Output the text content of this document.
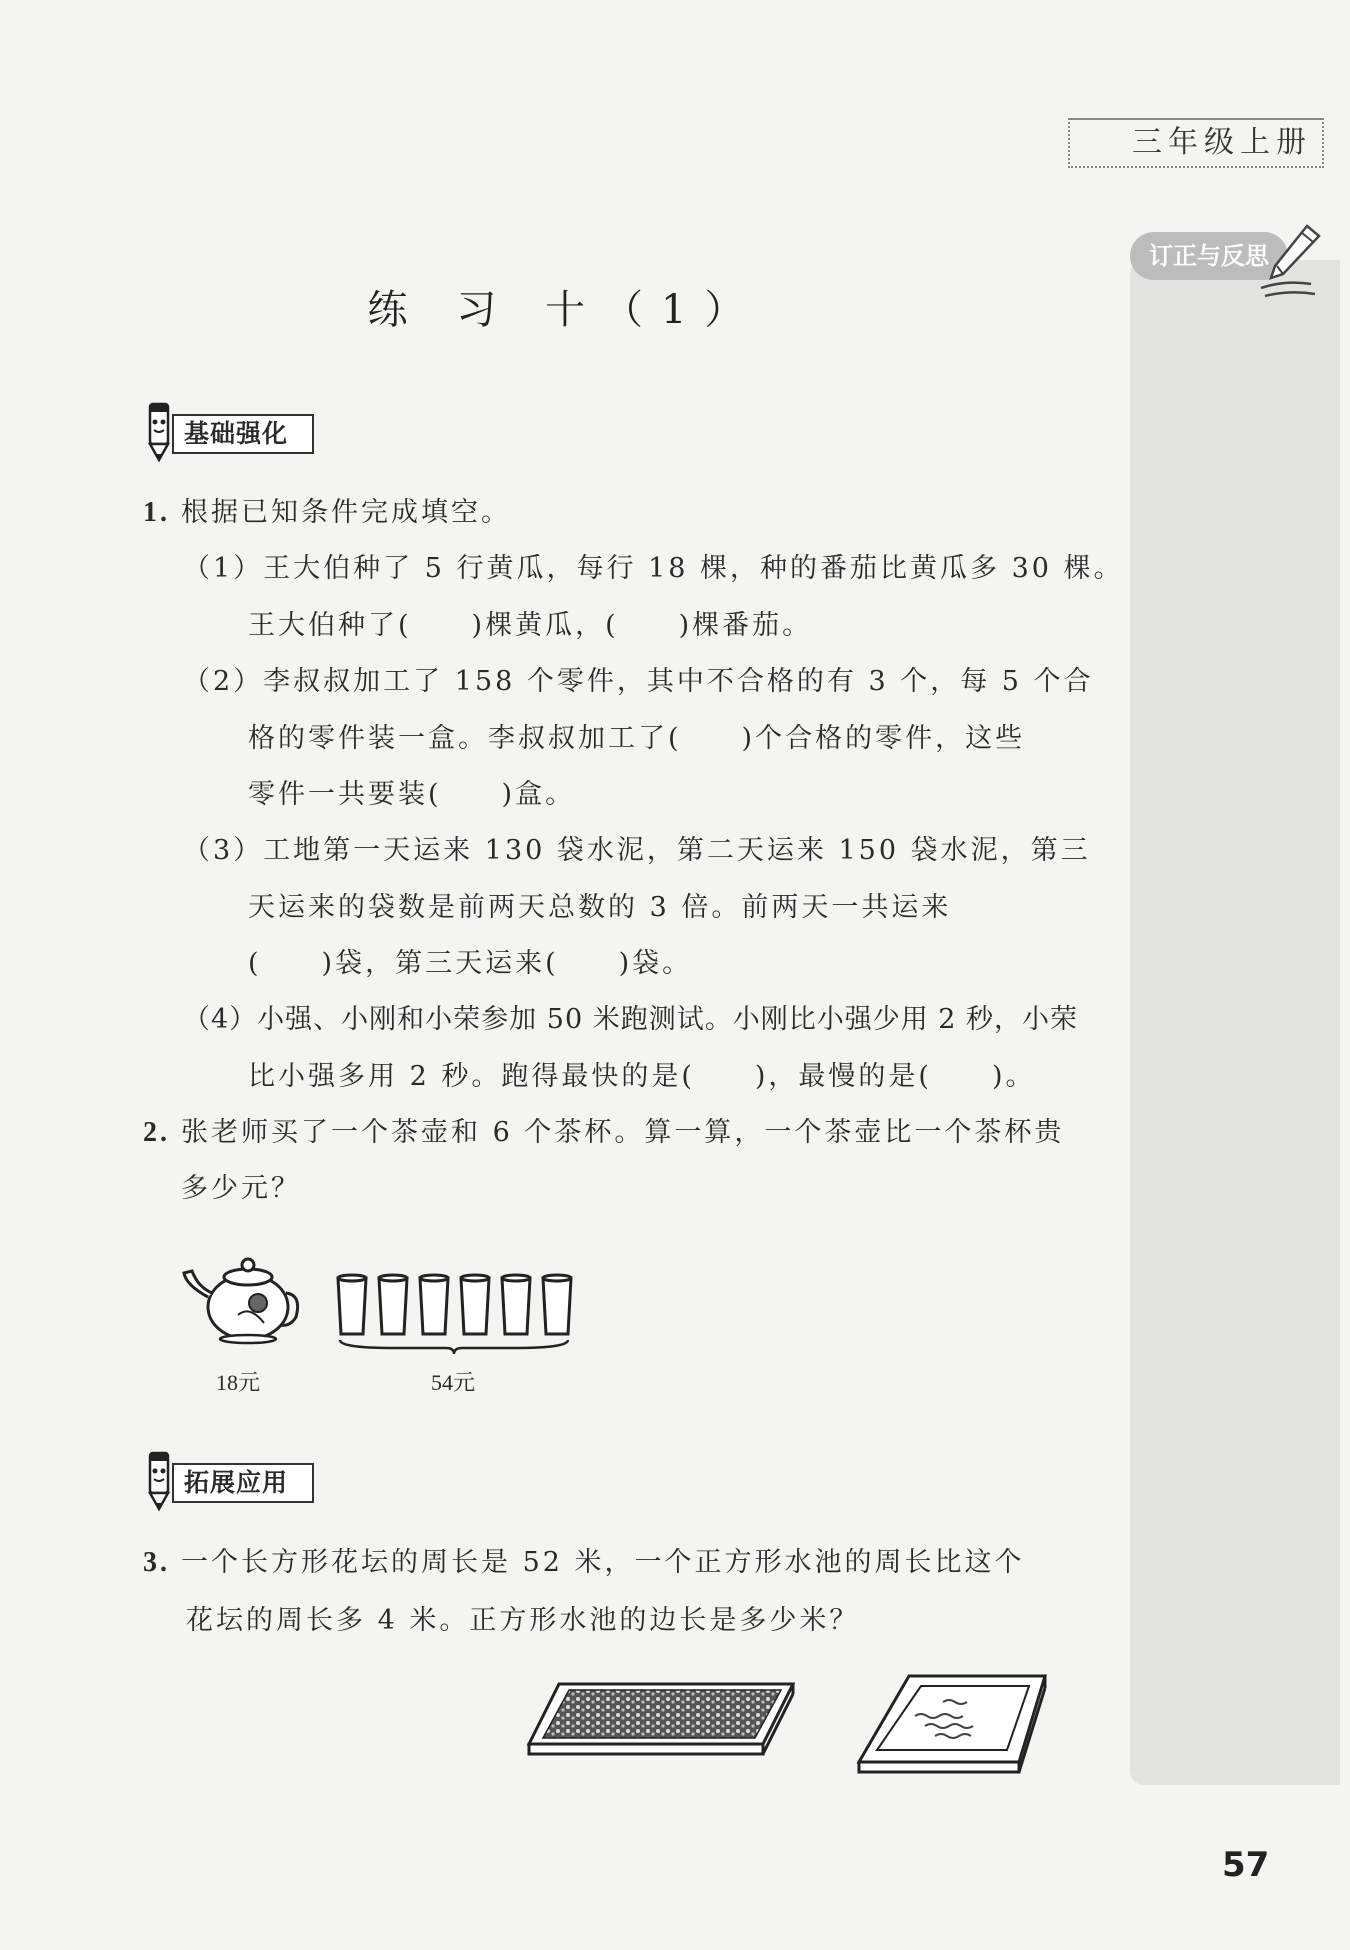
三年级上册
订正与反思
练 习 十（1）
基础强化
1. 根据已知条件完成填空。
（1）王大伯种了 5 行黄瓜，每行 18 棵，种的番茄比黄瓜多 30 棵。
王大伯种了(　　)棵黄瓜，(　　)棵番茄。
（2）李叔叔加工了 158 个零件，其中不合格的有 3 个，每 5 个合
格的零件装一盒。李叔叔加工了(　　)个合格的零件，这些
零件一共要装(　　)盒。
（3）工地第一天运来 130 袋水泥，第二天运来 150 袋水泥，第三
天运来的袋数是前两天总数的 3 倍。前两天一共运来
(　　)袋，第三天运来(　　)袋。
（4）小强、小刚和小荣参加 50 米跑测试。小刚比小强少用 2 秒，小荣
比小强多用 2 秒。跑得最快的是(　　)，最慢的是(　　)。
2. 张老师买了一个茶壶和 6 个茶杯。算一算，一个茶壶比一个茶杯贵
多少元？
18元	54元
拓展应用
3. 一个长方形花坛的周长是 52 米，一个正方形水池的周长比这个
花坛的周长多 4 米。正方形水池的边长是多少米？
57
